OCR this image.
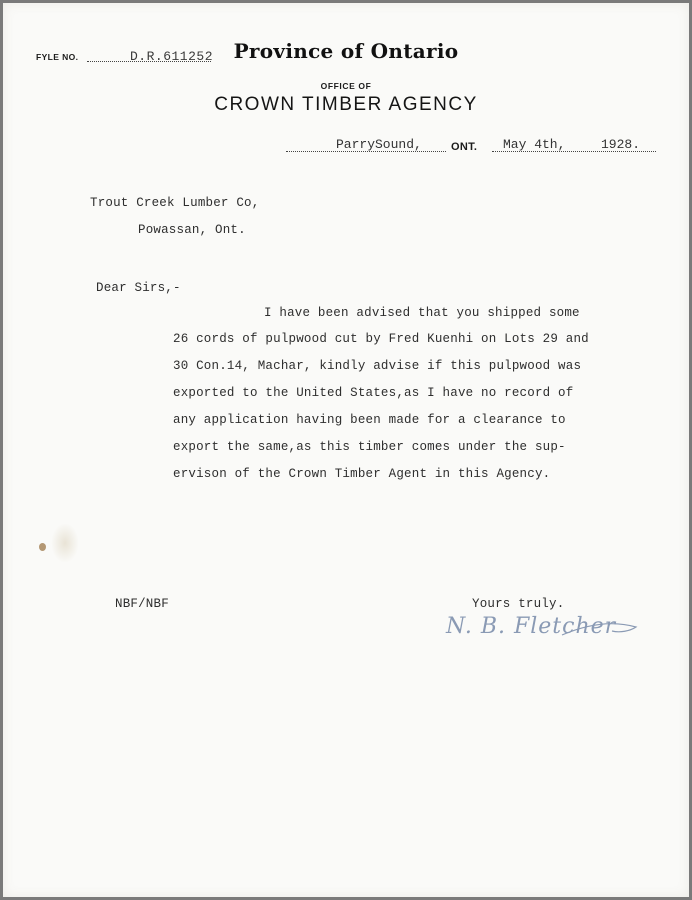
FYLE NO.	D.R.611252	Province of Ontario
OFFICE OF
CROWN TIMBER AGENCY
ParrySound,	ONT. May 4th,	1928.
Trout Creek Lumber Co,
Powassan, Ont.
Dear Sirs,-
I have been advised that you shipped some
26 cords of pulpwood cut by Fred Kuenhi on Lots 29 and
30 Con.14, Machar, kindly advise if this pulpwood was
exported to the United States,as I have no record of
any application having been made for a clearance to
export the same,as this timber comes under the sup-
ervison of the Crown Timber Agent in this Agency.
NBF/NBF	Yours truly.
N. B. Fletcher
